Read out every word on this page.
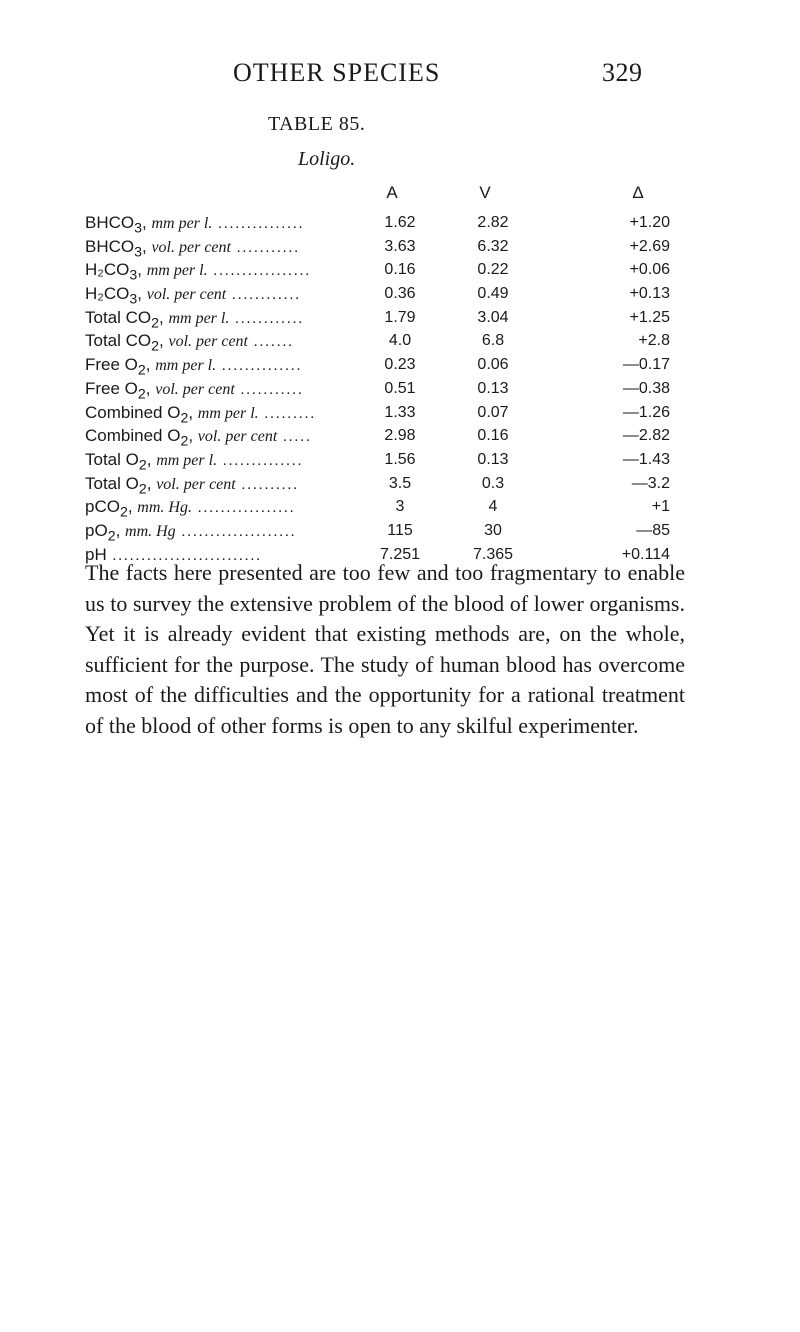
OTHER SPECIES	329
TABLE 85.
Loligo.
A	V	Δ
$BHCO_3$, mm per l. ...............	1.62	2.82	+1.20
$BHCO_3$, vol. per cent ...........	3.63	6.32	+2.69
$H_2CO_3$, mm per l. .................	0.16	0.22	+0.06
$H_2CO_3$, vol. per cent ............	0.36	0.49	+0.13
Total $CO_2$, mm per l. ............	1.79	3.04	+1.25
Total $CO_2$, vol. per cent .......	4.0	6.8	+2.8
Free $O_2$, mm per l. ..............	0.23	0.06	—0.17
Free $O_2$, vol. per cent ...........	0.51	0.13	—0.38
Combined $O_2$, mm per l. .........	1.33	0.07	—1.26
Combined $O_2$, vol. per cent .....	2.98	0.16	—2.82
Total $O_2$, mm per l. ..............	1.56	0.13	—1.43
Total $O_2$, vol. per cent ..........	3.5	0.3	—3.2
pCO$_2$, mm. Hg. .................	3	4	+1
$pO_2$, mm. Hg ....................	115	30	—85
pH ..........................	7.251	7.365	+0.114
The facts here presented are too few and too fragmentary to enable us to survey the extensive problem of the blood of lower organisms. Yet it is already evident that existing methods are, on the whole, sufficient for the purpose. The study of human blood has overcome most of the difficulties and the opportunity for a rational treatment of the blood of other forms is open to any skilful experimenter.
